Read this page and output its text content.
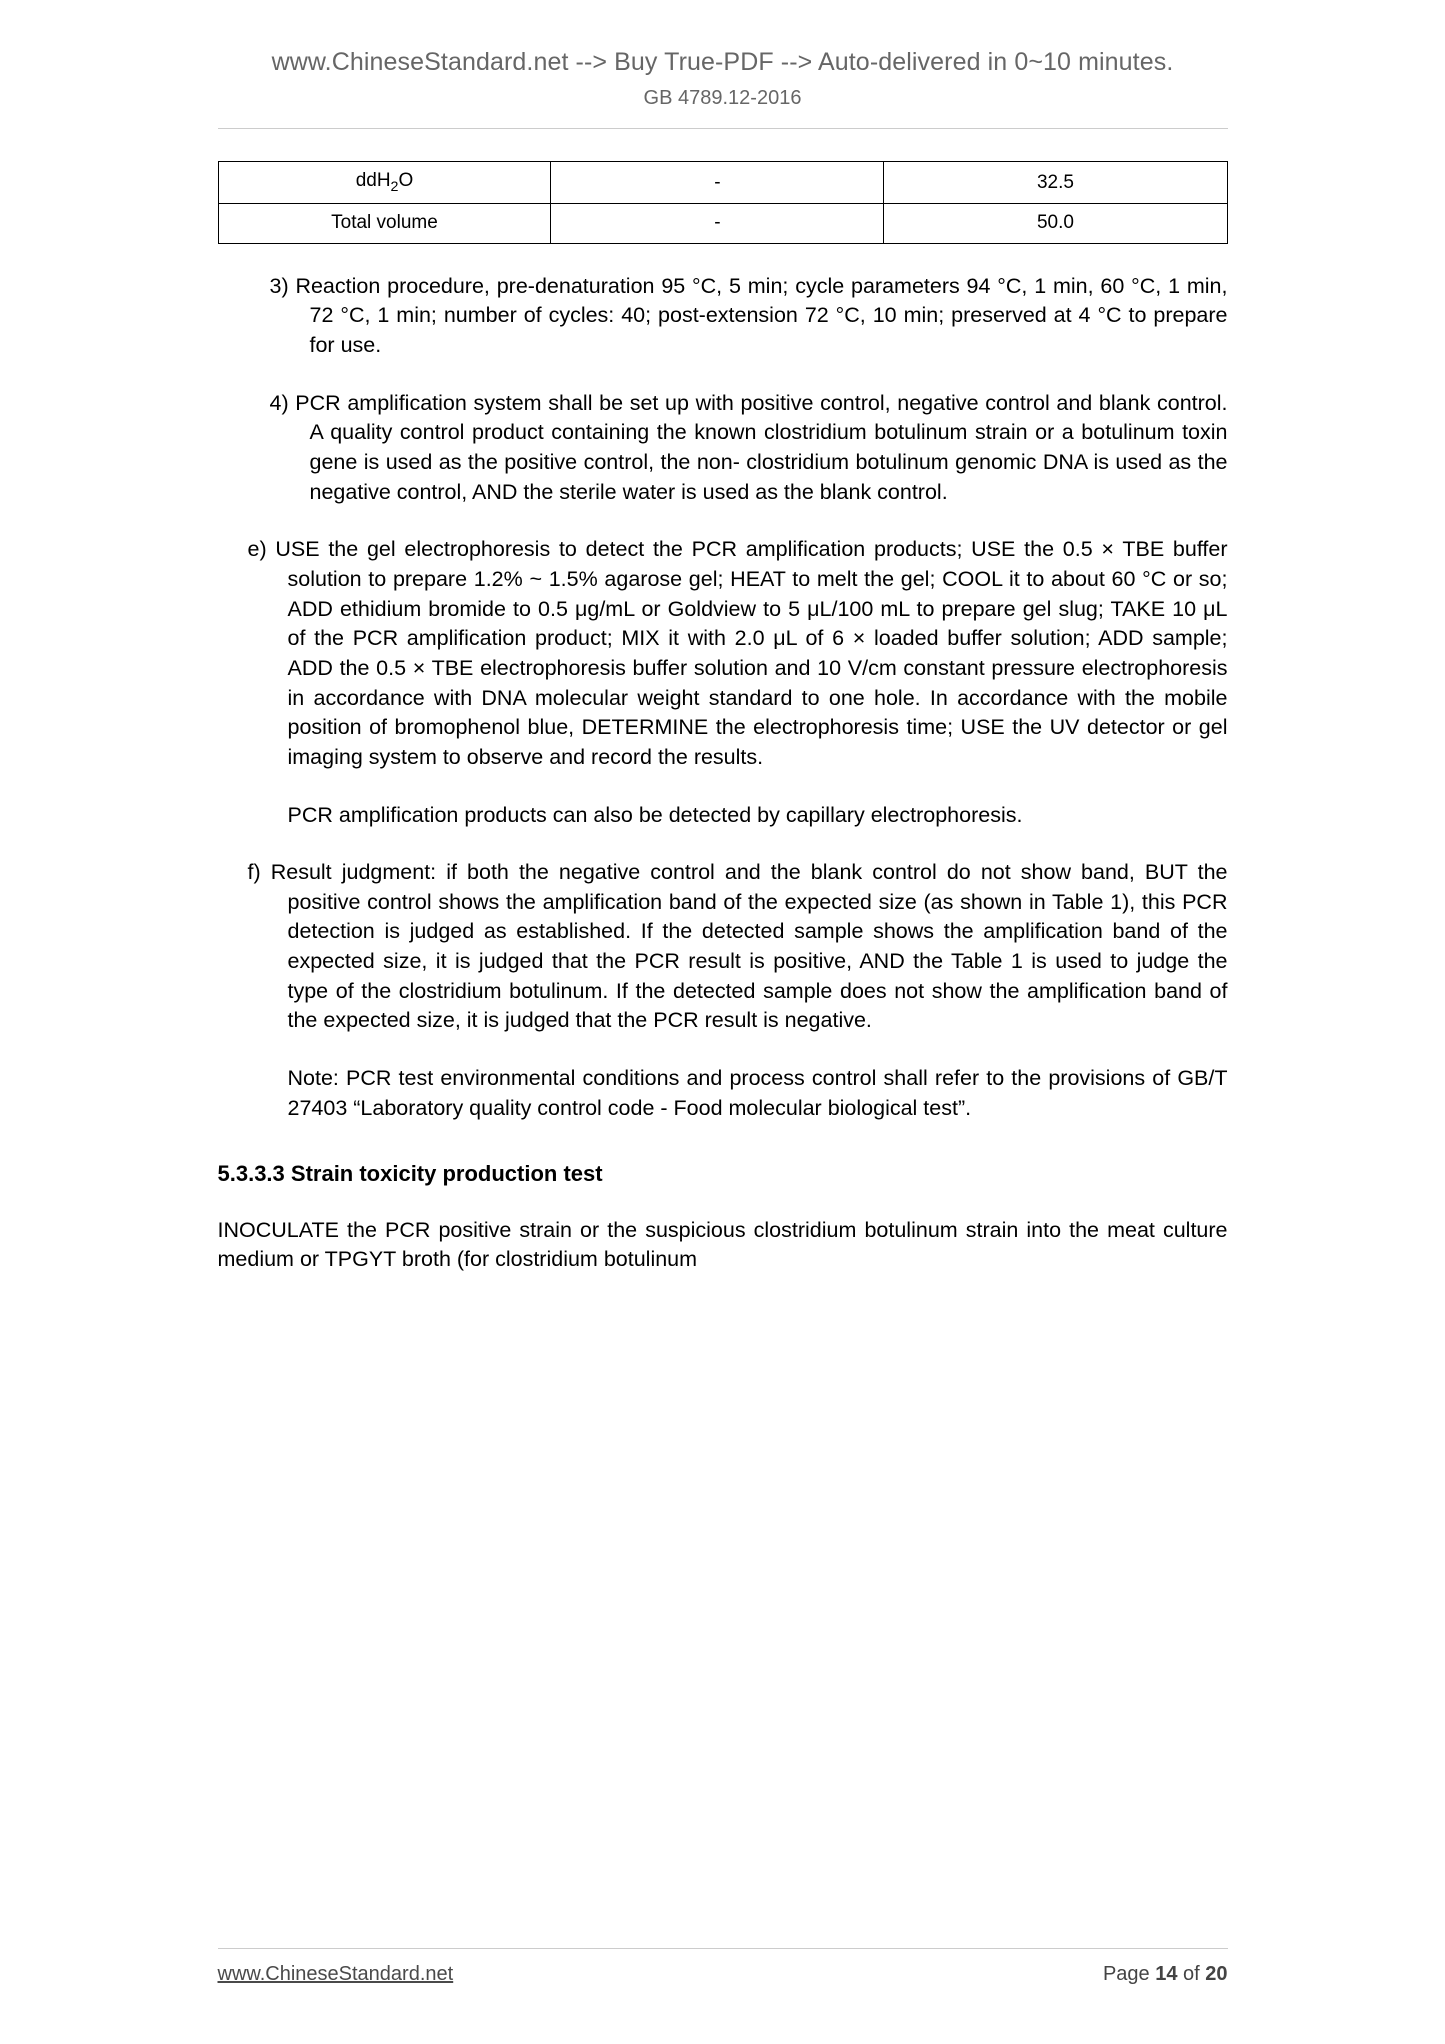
www.ChineseStandard.net --> Buy True-PDF --> Auto-delivered in 0~10 minutes.
GB 4789.12-2016
ddH$_2$O	-	32.5
Total volume	-	50.0

3) Reaction procedure, pre-denaturation 95 °C, 5 min; cycle parameters 94 °C, 1 min, 60 °C, 1 min, 72 °C, 1 min; number of cycles: 40; post-extension 72 °C, 10 min; preserved at 4 °C to prepare for use.

4) PCR amplification system shall be set up with positive control, negative control and blank control. A quality control product containing the known clostridium botulinum strain or a botulinum toxin gene is used as the positive control, the non- clostridium botulinum genomic DNA is used as the negative control, AND the sterile water is used as the blank control.

e) USE the gel electrophoresis to detect the PCR amplification products; USE the 0.5 × TBE buffer solution to prepare 1.2% ~ 1.5% agarose gel; HEAT to melt the gel; COOL it to about 60 °C or so; ADD ethidium bromide to 0.5 μg/mL or Goldview to 5 μL/100 mL to prepare gel slug; TAKE 10 μL of the PCR amplification product; MIX it with 2.0 μL of 6 × loaded buffer solution; ADD sample; ADD the 0.5 × TBE electrophoresis buffer solution and 10 V/cm constant pressure electrophoresis in accordance with DNA molecular weight standard to one hole. In accordance with the mobile position of bromophenol blue, DETERMINE the electrophoresis time; USE the UV detector or gel imaging system to observe and record the results.

PCR amplification products can also be detected by capillary electrophoresis.

f) Result judgment: if both the negative control and the blank control do not show band, BUT the positive control shows the amplification band of the expected size (as shown in Table 1), this PCR detection is judged as established. If the detected sample shows the amplification band of the expected size, it is judged that the PCR result is positive, AND the Table 1 is used to judge the type of the clostridium botulinum. If the detected sample does not show the amplification band of the expected size, it is judged that the PCR result is negative.

Note: PCR test environmental conditions and process control shall refer to the provisions of GB/T 27403 “Laboratory quality control code - Food molecular biological test”.

5.3.3.3 Strain toxicity production test

INOCULATE the PCR positive strain or the suspicious clostridium botulinum strain into the meat culture medium or TPGYT broth (for clostridium botulinum

www.ChineseStandard.net	Page 14 of 20
